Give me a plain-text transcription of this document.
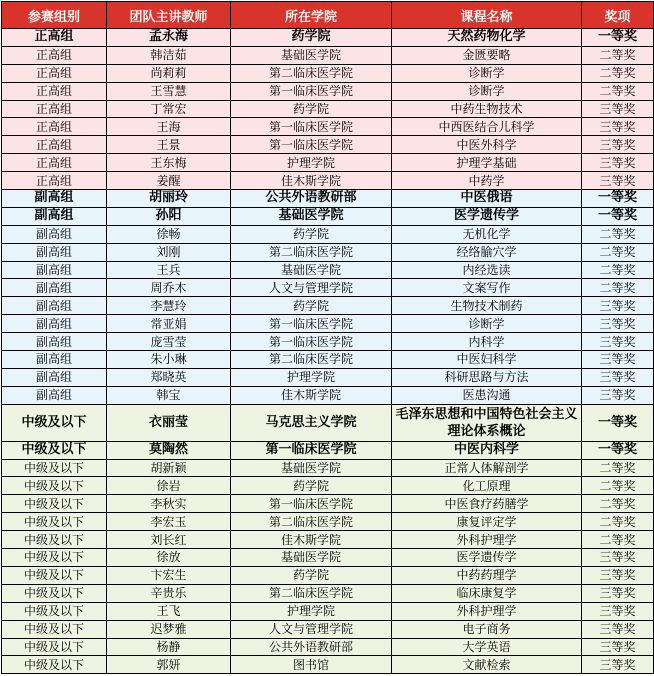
参赛组别	团队主讲教师	所在学院	课程名称	奖项
正高组	孟永海	药学院	天然药物化学	一等奖
正高组	韩洁茹	基础医学院	金匮要略	二等奖
正高组	尚莉莉	第二临床医学院	诊断学	二等奖
正高组	王雪慧	第一临床医学院	诊断学	二等奖
正高组	丁常宏	药学院	中药生物技术	三等奖
正高组	王海	第一临床医学院	中西医结合儿科学	三等奖
正高组	王景	第一临床医学院	中医外科学	三等奖
正高组	王东梅	护理学院	护理学基础	三等奖
正高组	姜醒	佳木斯学院	中药学	三等奖
副高组	胡丽玲	公共外语教研部	中医俄语	一等奖
副高组	孙阳	基础医学院	医学遗传学	一等奖
副高组	徐畅	药学院	无机化学	二等奖
副高组	刘刚	第二临床医学院	经络腧穴学	二等奖
副高组	王兵	基础医学院	内经选读	二等奖
副高组	周乔木	人文与管理学院	文案写作	二等奖
副高组	李慧玲	药学院	生物技术制药	三等奖
副高组	常亚娟	第一临床医学院	诊断学	三等奖
副高组	庞雪莹	第一临床医学院	内科学	三等奖
副高组	朱小琳	第二临床医学院	中医妇科学	三等奖
副高组	郑晓英	护理学院	科研思路与方法	三等奖
副高组	韩宝	佳木斯学院	医患沟通	三等奖
中级及以下	衣丽莹	马克思主义学院	毛泽东思想和中国特色社会主义理论体系概论	一等奖
中级及以下	莫陶然	第一临床医学院	中医内科学	一等奖
中级及以下	胡新颖	基础医学院	正常人体解剖学	二等奖
中级及以下	徐岩	药学院	化工原理	二等奖
中级及以下	李秋实	第一临床医学院	中医食疗药膳学	二等奖
中级及以下	李宏玉	第二临床医学院	康复评定学	二等奖
中级及以下	刘长红	佳木斯学院	外科护理学	二等奖
中级及以下	徐放	基础医学院	医学遗传学	三等奖
中级及以下	卞宏生	药学院	中药药理学	三等奖
中级及以下	辛贵乐	第二临床医学院	临床康复学	三等奖
中级及以下	王飞	护理学院	外科护理学	三等奖
中级及以下	迟梦雅	人文与管理学院	电子商务	三等奖
中级及以下	杨静	公共外语教研部	大学英语	三等奖
中级及以下	郭妍	图书馆	文献检索	三等奖
